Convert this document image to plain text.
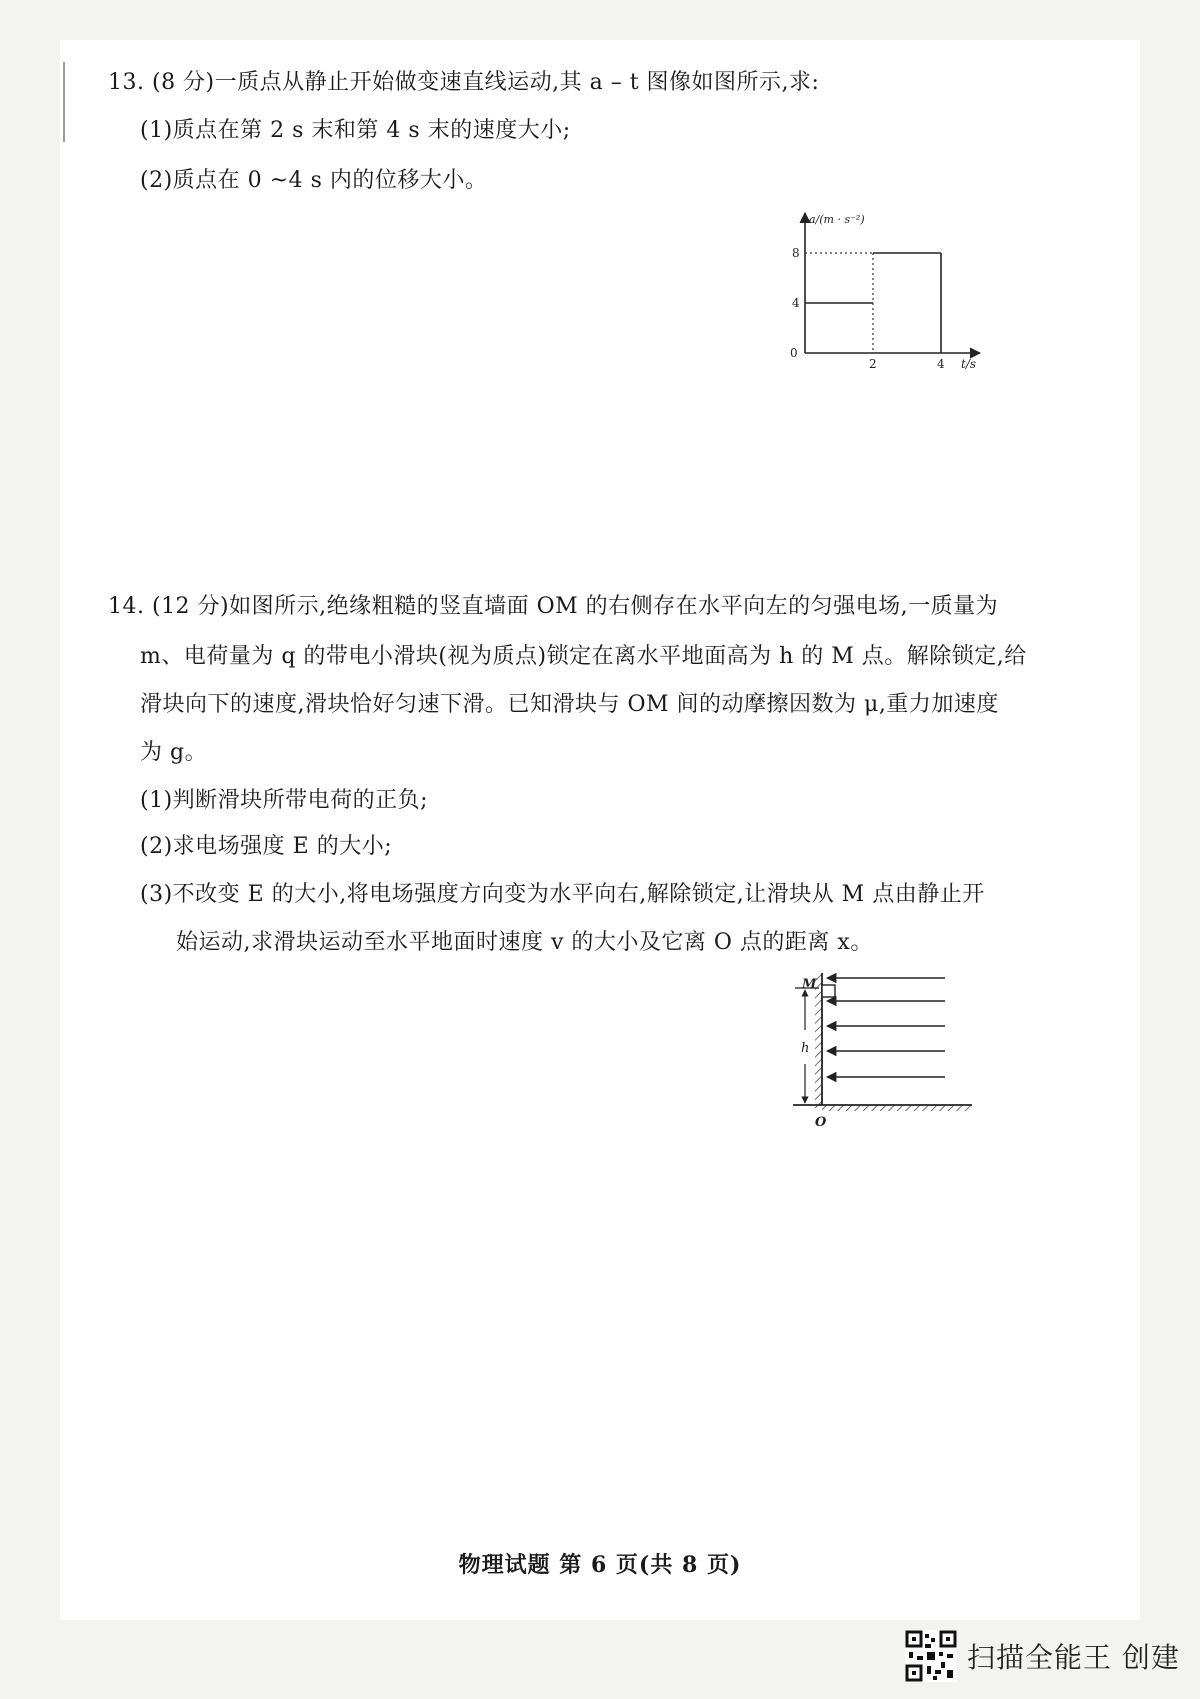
13. (8 分)一质点从静止开始做变速直线运动,其 a – t 图像如图所示,求:
(1)质点在第 2 s 末和第 4 s 末的速度大小;
(2)质点在 0 ~4 s 内的位移大小。
a/(m · s⁻²)
t/s
8
4
0
2	4
14. (12 分)如图所示,绝缘粗糙的竖直墙面 OM 的右侧存在水平向左的匀强电场,一质量为
m、电荷量为 q 的带电小滑块(视为质点)锁定在离水平地面高为 h 的 M 点。解除锁定,给
滑块向下的速度,滑块恰好匀速下滑。已知滑块与 OM 间的动摩擦因数为 μ,重力加速度
为 g。
(1)判断滑块所带电荷的正负;
(2)求电场强度 E 的大小;
(3)不改变 E 的大小,将电场强度方向变为水平向右,解除锁定,让滑块从 M 点由静止开
始运动,求滑块运动至水平地面时速度 v 的大小及它离 O 点的距离 x。
M
h
O
物理试题 第 6 页(共 8 页)
扫描全能王 创建
